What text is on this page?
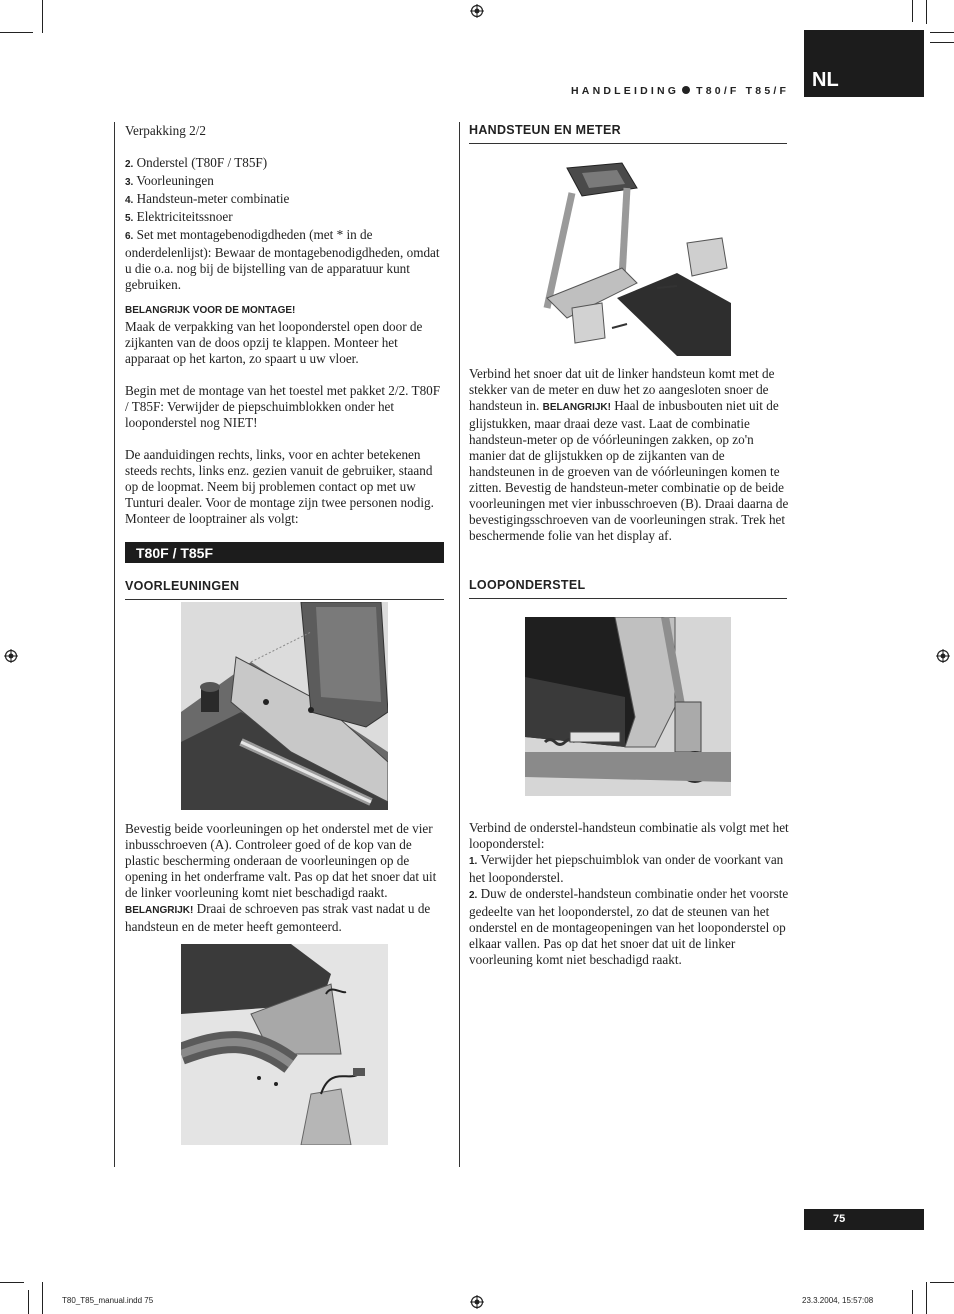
NL
HANDLEIDING T80/F T85/F

Verpakking 2/2

2. Onderstel (T80F / T85F)

3. Voorleuningen

4. Handsteun-meter combinatie

5. Elektriciteitssnoer

6. Set met montagebenodigdheden (met * in de onderdelenlijst): Bewaar de montagebenodigdheden, omdat u die o.a. nog bij de bijstelling van de apparatuur kunt gebruiken.

BELANGRIJK VOOR DE MONTAGE!

Maak de verpakking van het looponderstel open door de zijkanten van de doos opzij te klappen. Monteer het apparaat op het karton, zo spaart u uw vloer.

Begin met de montage van het toestel met pakket 2/2. T80F / T85F: Verwijder de piepschuimblokken onder het looponderstel nog NIET!

De aanduidingen rechts, links, voor en achter betekenen steeds rechts, links enz. gezien vanuit de gebruiker, staand op de loopmat. Neem bij problemen contact op met uw Tunturi dealer. Voor de montage zijn twee personen nodig. Monteer de looptrainer als volgt:

T80F / T85F
VOORLEUNINGEN

Bevestig beide voorleuningen op het onderstel met de vier inbusschroeven (A). Controleer goed of de kop van de plastic bescherming onderaan de voorleuningen op de opening in het onderframe valt. Pas op dat het snoer dat uit de linker voorleuning komt niet beschadigd raakt. BELANGRIJK! Draai de schroeven pas strak vast nadat u de handsteun en de meter heeft gemonteerd.

HANDSTEUN EN METER

Verbind het snoer dat uit de linker handsteun komt met de stekker van de meter en duw het zo aangesloten snoer de handsteun in. BELANGRIJK! Haal de inbusbouten niet uit de glijstukken, maar draai deze vast. Laat de combinatie handsteun-meter op de vóórleuningen zakken, op zo'n manier dat de glijstukken op de zijkanten van de handsteunen in de groeven van de vóórleuningen komen te zitten. Bevestig de handsteun-meter combinatie op de beide voorleuningen met vier inbusschroeven (B). Draai daarna de bevestigingsschroeven van de voorleuningen strak. Trek het beschermende folie van het display af.

LOOPONDERSTEL

Verbind de onderstel-handsteun combinatie als volgt met het looponderstel:

1. Verwijder het piepschuimblok van onder de voorkant van het looponderstel.

2. Duw de onderstel-handsteun combinatie onder het voorste gedeelte van het looponderstel, zo dat de steunen van het onderstel en de montageopeningen van het looponderstel op elkaar vallen. Pas op dat het snoer dat uit de linker voorleuning komt niet beschadigd raakt.

75
T80_T85_manual.indd 75	23.3.2004, 15:57:08
